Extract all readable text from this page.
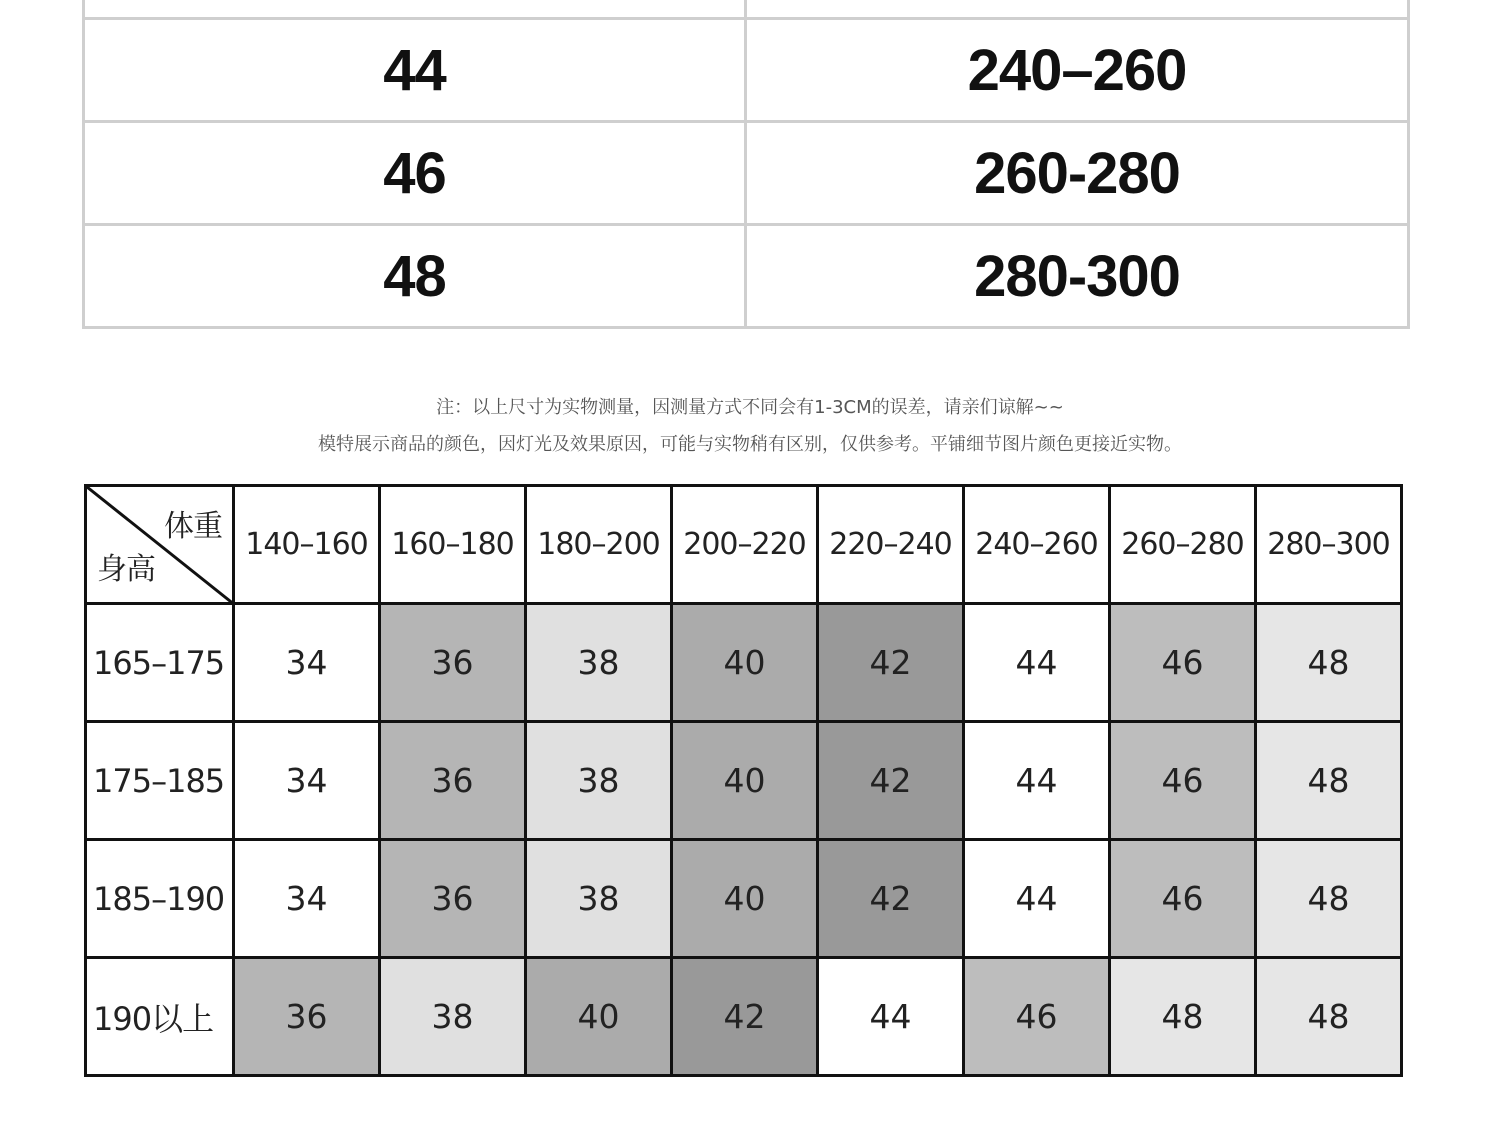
44	240–260
46	260-280
48	280-300
注：以上尺寸为实物测量，因测量方式不同会有1-3CM的误差，请亲们谅解~~
模特展示商品的颜色，因灯光及效果原因，可能与实物稍有区别，仅供参考。平铺细节图片颜色更接近实物。
体重
身高	140–160	160–180	180–200	200–220	220–240	240–260	260–280	280–300
165–175	34	36	38	40	42	44	46	48
175–185	34	36	38	40	42	44	46	48
185–190	34	36	38	40	42	44	46	48
190以上	36	38	40	42	44	46	48	48
